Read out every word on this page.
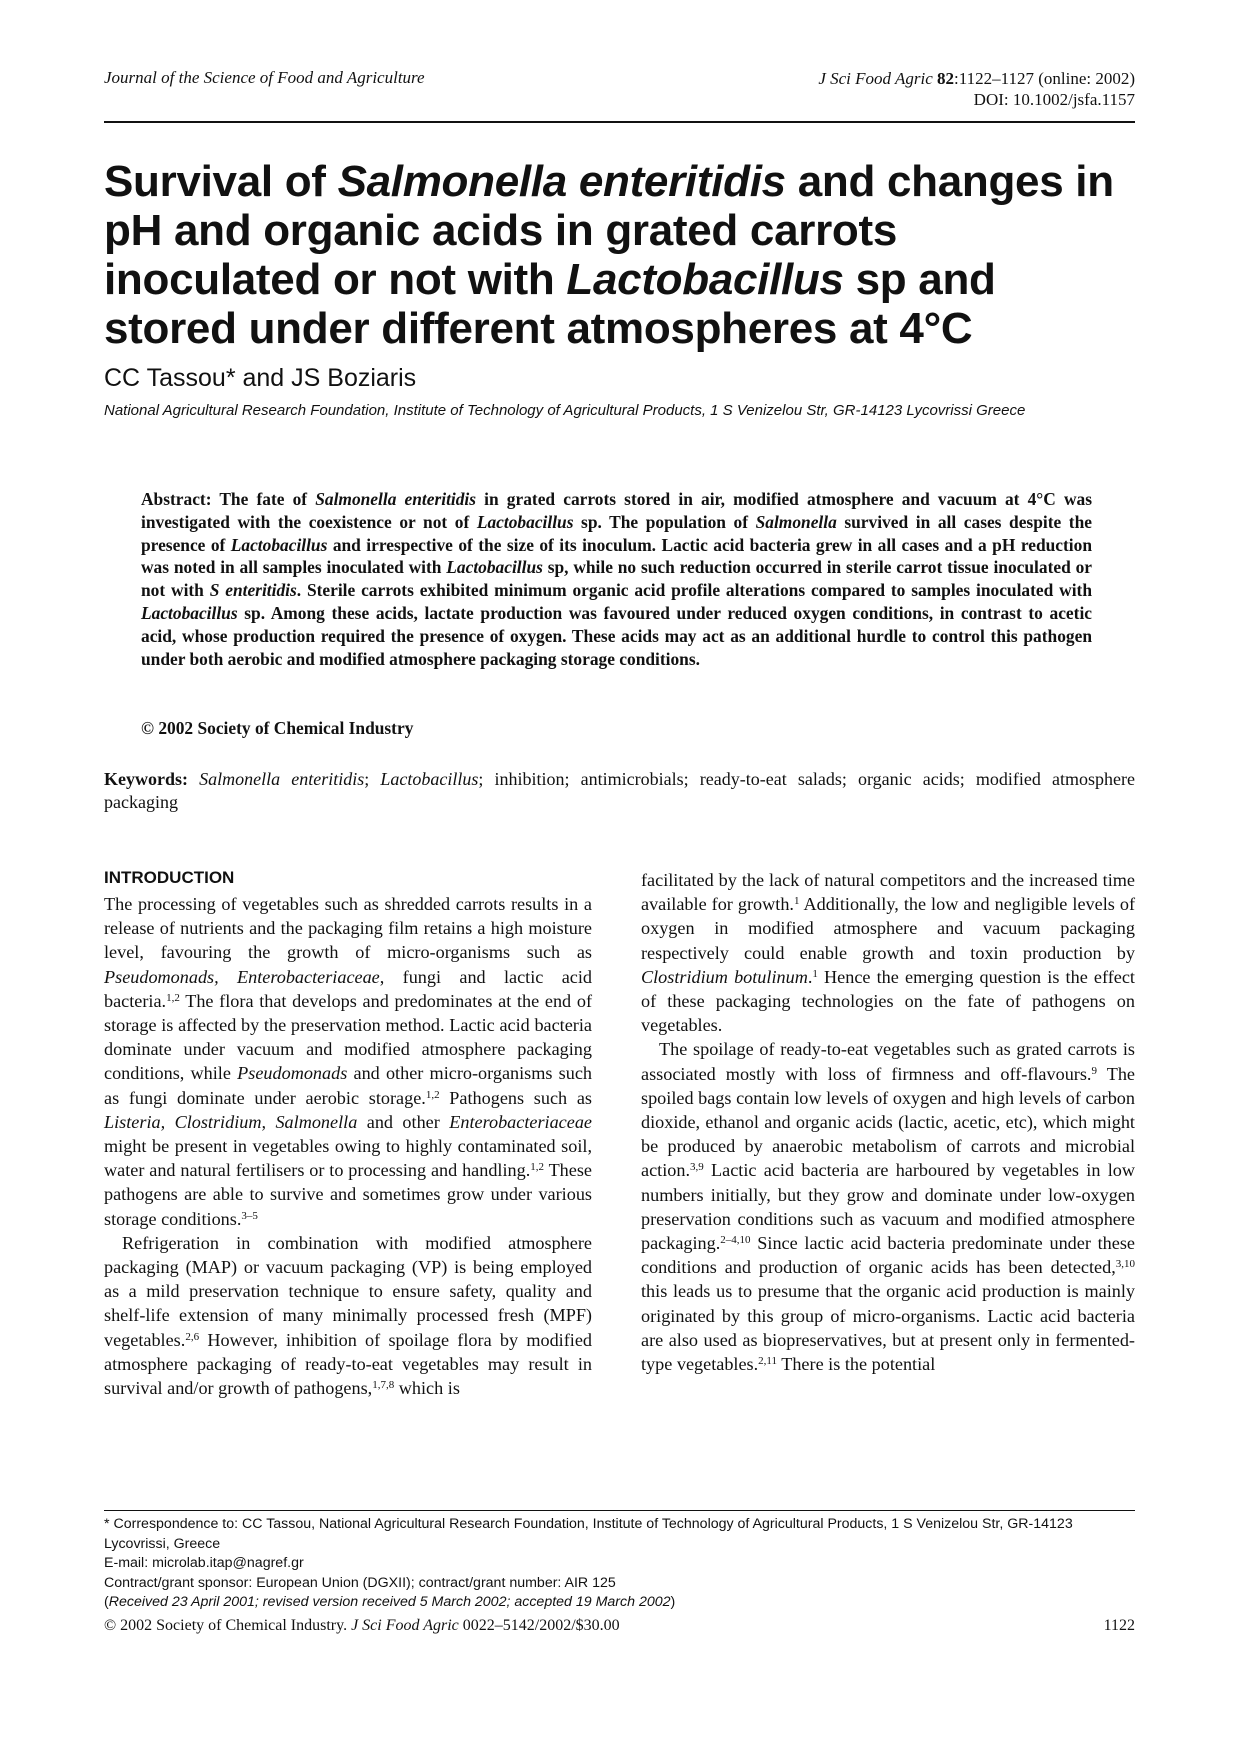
Journal of the Science of Food and Agriculture	J Sci Food Agric 82:1122–1127 (online: 2002)
DOI: 10.1002/jsfa.1157
Survival of Salmonella enteritidis and changes in pH and organic acids in grated carrots inoculated or not with Lactobacillus sp and stored under different atmospheres at 4°C
CC Tassou* and JS Boziaris
National Agricultural Research Foundation, Institute of Technology of Agricultural Products, 1 S Venizelou Str, GR-14123 Lycovrissi Greece
Abstract: The fate of Salmonella enteritidis in grated carrots stored in air, modified atmosphere and vacuum at 4°C was investigated with the coexistence or not of Lactobacillus sp. The population of Salmonella survived in all cases despite the presence of Lactobacillus and irrespective of the size of its inoculum. Lactic acid bacteria grew in all cases and a pH reduction was noted in all samples inoculated with Lactobacillus sp, while no such reduction occurred in sterile carrot tissue inoculated or not with S enteritidis. Sterile carrots exhibited minimum organic acid profile alterations compared to samples inoculated with Lactobacillus sp. Among these acids, lactate production was favoured under reduced oxygen conditions, in contrast to acetic acid, whose production required the presence of oxygen. These acids may act as an additional hurdle to control this pathogen under both aerobic and modified atmosphere packaging storage conditions.
© 2002 Society of Chemical Industry
Keywords: Salmonella enteritidis; Lactobacillus; inhibition; antimicrobials; ready-to-eat salads; organic acids; modified atmosphere packaging
INTRODUCTION

The processing of vegetables such as shredded carrots results in a release of nutrients and the packaging film retains a high moisture level, favouring the growth of micro-organisms such as Pseudomonads, Enterobacteriaceae, fungi and lactic acid bacteria.$^{1,2}$ The flora that develops and predominates at the end of storage is affected by the preservation method. Lactic acid bacteria dominate under vacuum and modified atmosphere packaging conditions, while Pseudomonads and other micro-organisms such as fungi dominate under aerobic storage.$^{1,2}$ Pathogens such as Listeria, Clostridium, Salmonella and other Enterobacteriaceae might be present in vegetables owing to highly contaminated soil, water and natural fertilisers or to processing and handling.$^{1,2}$ These pathogens are able to survive and sometimes grow under various storage conditions.$^{3-5}$

Refrigeration in combination with modified atmosphere packaging (MAP) or vacuum packaging (VP) is being employed as a mild preservation technique to ensure safety, quality and shelf-life extension of many minimally processed fresh (MPF) vegetables.$^{2,6}$ However, inhibition of spoilage flora by modified atmosphere packaging of ready-to-eat vegetables may result in survival and/or growth of pathogens,$^{1,7,8}$ which is

facilitated by the lack of natural competitors and the increased time available for growth.$^1$ Additionally, the low and negligible levels of oxygen in modified atmosphere and vacuum packaging respectively could enable growth and toxin production by Clostridium botulinum.$^1$ Hence the emerging question is the effect of these packaging technologies on the fate of pathogens on vegetables.

The spoilage of ready-to-eat vegetables such as grated carrots is associated mostly with loss of firmness and off-flavours.$^9$ The spoiled bags contain low levels of oxygen and high levels of carbon dioxide, ethanol and organic acids (lactic, acetic, etc), which might be produced by anaerobic metabolism of carrots and microbial action.$^{3,9}$ Lactic acid bacteria are harboured by vegetables in low numbers initially, but they grow and dominate under low-oxygen preservation conditions such as vacuum and modified atmosphere packaging.$^{2-4,10}$ Since lactic acid bacteria predominate under these conditions and production of organic acids has been detected,$^{3,10}$ this leads us to presume that the organic acid production is mainly originated by this group of micro-organisms. Lactic acid bacteria are also used as biopreservatives, but at present only in fermented-type vegetables.$^{2,11}$ There is the potential

* Correspondence to: CC Tassou, National Agricultural Research Foundation, Institute of Technology of Agricultural Products, 1 S Venizelou Str, GR-14123 Lycovrissi, Greece
E-mail: microlab.itap@nagref.gr
Contract/grant sponsor: European Union (DGXII); contract/grant number: AIR 125
(Received 23 April 2001; revised version received 5 March 2002; accepted 19 March 2002)
© 2002 Society of Chemical Industry. J Sci Food Agric 0022–5142/2002/$30.00	1122
